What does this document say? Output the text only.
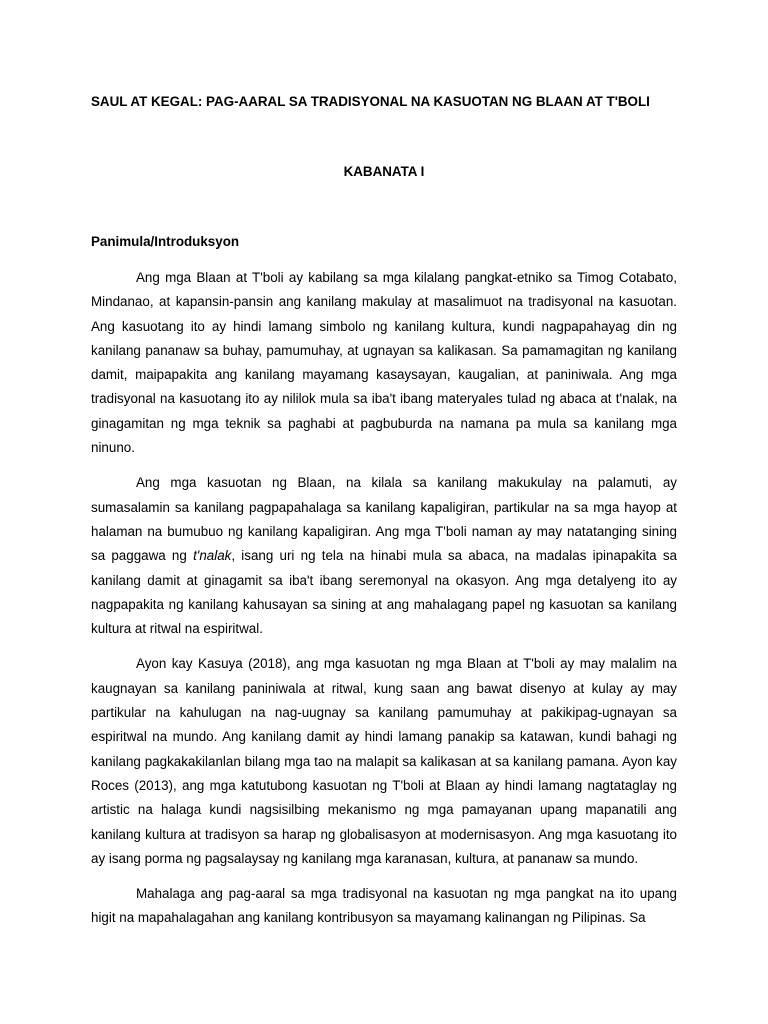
SAUL AT KEGAL: PAG-AARAL SA TRADISYONAL NA KASUOTAN NG BLAAN AT T'BOLI
KABANATA I
Panimula/Introduksyon

Ang mga Blaan at T'boli ay kabilang sa mga kilalang pangkat-etniko sa Timog Cotabato, Mindanao, at kapansin-pansin ang kanilang makulay at masalimuot na tradisyonal na kasuotan. Ang kasuotang ito ay hindi lamang simbolo ng kanilang kultura, kundi nagpapahayag din ng kanilang pananaw sa buhay, pamumuhay, at ugnayan sa kalikasan. Sa pamamagitan ng kanilang damit, maipapakita ang kanilang mayamang kasaysayan, kaugalian, at paniniwala. Ang mga tradisyonal na kasuotang ito ay nililok mula sa iba't ibang materyales tulad ng abaca at t'nalak, na ginagamitan ng mga teknik sa paghabi at pagbuburda na namana pa mula sa kanilang mga ninuno.

Ang mga kasuotan ng Blaan, na kilala sa kanilang makukulay na palamuti, ay sumasalamin sa kanilang pagpapahalaga sa kanilang kapaligiran, partikular na sa mga hayop at halaman na bumubuo ng kanilang kapaligiran. Ang mga T'boli naman ay may natatanging sining sa paggawa ng t'nalak, isang uri ng tela na hinabi mula sa abaca, na madalas ipinapakita sa kanilang damit at ginagamit sa iba't ibang seremonyal na okasyon. Ang mga detalyeng ito ay nagpapakita ng kanilang kahusayan sa sining at ang mahalagang papel ng kasuotan sa kanilang kultura at ritwal na espiritwal.

Ayon kay Kasuya (2018), ang mga kasuotan ng mga Blaan at T'boli ay may malalim na kaugnayan sa kanilang paniniwala at ritwal, kung saan ang bawat disenyo at kulay ay may partikular na kahulugan na nag-uugnay sa kanilang pamumuhay at pakikipag-ugnayan sa espiritwal na mundo. Ang kanilang damit ay hindi lamang panakip sa katawan, kundi bahagi ng kanilang pagkakakilanlan bilang mga tao na malapit sa kalikasan at sa kanilang pamana. Ayon kay Roces (2013), ang mga katutubong kasuotan ng T'boli at Blaan ay hindi lamang nagtataglay ng artistic na halaga kundi nagsisilbing mekanismo ng mga pamayanan upang mapanatili ang kanilang kultura at tradisyon sa harap ng globalisasyon at modernisasyon. Ang mga kasuotang ito ay isang porma ng pagsalaysay ng kanilang mga karanasan, kultura, at pananaw sa mundo.

Mahalaga ang pag-aaral sa mga tradisyonal na kasuotan ng mga pangkat na ito upang higit na mapahalagahan ang kanilang kontribusyon sa mayamang kalinangan ng Pilipinas. Sa
